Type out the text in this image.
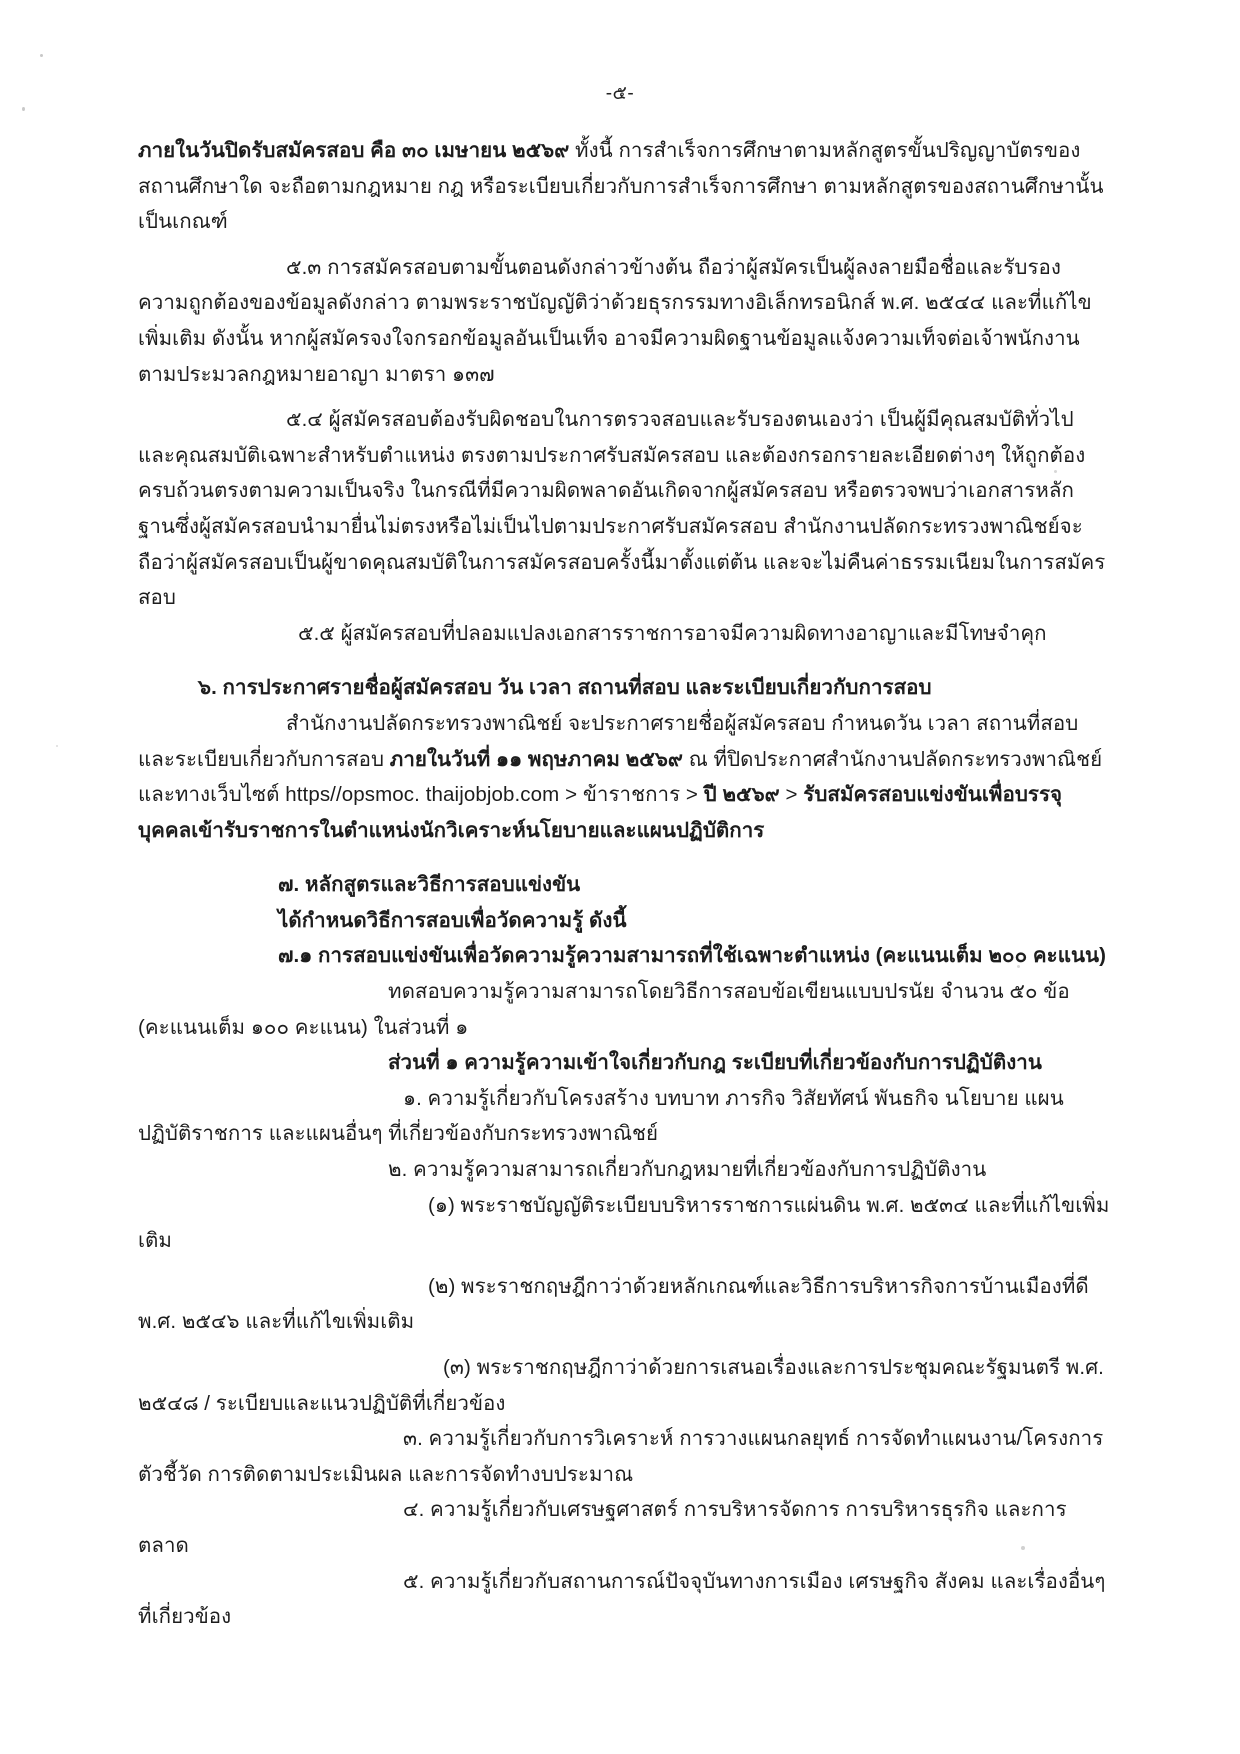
-๕-

ภายในวันปิดรับสมัครสอบ คือ ๓๐ เมษายน ๒๕๖๙ ทั้งนี้ การสำเร็จการศึกษาตามหลักสูตรขั้นปริญญาบัตรของสถานศึกษาใด จะถือตามกฎหมาย กฎ หรือระเบียบเกี่ยวกับการสำเร็จการศึกษา ตามหลักสูตรของสถานศึกษานั้นเป็นเกณฑ์

๕.๓ การสมัครสอบตามขั้นตอนดังกล่าวข้างต้น ถือว่าผู้สมัครเป็นผู้ลงลายมือชื่อและรับรองความถูกต้องของข้อมูลดังกล่าว ตามพระราชบัญญัติว่าด้วยธุรกรรมทางอิเล็กทรอนิกส์ พ.ศ. ๒๕๔๔ และที่แก้ไขเพิ่มเติม ดังนั้น หากผู้สมัครจงใจกรอกข้อมูลอันเป็นเท็จ อาจมีความผิดฐานข้อมูลแจ้งความเท็จต่อเจ้าพนักงานตามประมวลกฎหมายอาญา มาตรา ๑๓๗

๕.๔ ผู้สมัครสอบต้องรับผิดชอบในการตรวจสอบและรับรองตนเองว่า เป็นผู้มีคุณสมบัติทั่วไปและคุณสมบัติเฉพาะสำหรับตำแหน่ง ตรงตามประกาศรับสมัครสอบ และต้องกรอกรายละเอียดต่างๆ ให้ถูกต้องครบถ้วนตรงตามความเป็นจริง ในกรณีที่มีความผิดพลาดอันเกิดจากผู้สมัครสอบ หรือตรวจพบว่าเอกสารหลักฐานซึ่งผู้สมัครสอบนำมายื่นไม่ตรงหรือไม่เป็นไปตามประกาศรับสมัครสอบ สำนักงานปลัดกระทรวงพาณิชย์จะถือว่าผู้สมัครสอบเป็นผู้ขาดคุณสมบัติในการสมัครสอบครั้งนี้มาตั้งแต่ต้น และจะไม่คืนค่าธรรมเนียมในการสมัครสอบ

๕.๕ ผู้สมัครสอบที่ปลอมแปลงเอกสารราชการอาจมีความผิดทางอาญาและมีโทษจำคุก

๖. การประกาศรายชื่อผู้สมัครสอบ วัน เวลา สถานที่สอบ และระเบียบเกี่ยวกับการสอบ

สำนักงานปลัดกระทรวงพาณิชย์ จะประกาศรายชื่อผู้สมัครสอบ กำหนดวัน เวลา สถานที่สอบและระเบียบเกี่ยวกับการสอบ ภายในวันที่ ๑๑ พฤษภาคม ๒๕๖๙ ณ ที่ปิดประกาศสำนักงานปลัดกระทรวงพาณิชย์และทางเว็บไซต์ https//opsmoc. thaijobjob.com > ข้าราชการ > ปี ๒๕๖๙ > รับสมัครสอบแข่งขันเพื่อบรรจุบุคคลเข้ารับราชการในตำแหน่งนักวิเคราะห์นโยบายและแผนปฏิบัติการ

๗. หลักสูตรและวิธีการสอบแข่งขัน

ได้กำหนดวิธีการสอบเพื่อวัดความรู้ ดังนี้

๗.๑ การสอบแข่งขันเพื่อวัดความรู้ความสามารถที่ใช้เฉพาะตำแหน่ง (คะแนนเต็ม ๒๐๐ คะแนน)

ทดสอบความรู้ความสามารถโดยวิธีการสอบข้อเขียนแบบปรนัย จำนวน ๕๐ ข้อ (คะแนนเต็ม ๑๐๐ คะแนน) ในส่วนที่ ๑

ส่วนที่ ๑ ความรู้ความเข้าใจเกี่ยวกับกฎ ระเบียบที่เกี่ยวข้องกับการปฏิบัติงาน

๑. ความรู้เกี่ยวกับโครงสร้าง บทบาท ภารกิจ วิสัยทัศน์ พันธกิจ นโยบาย แผนปฏิบัติราชการ และแผนอื่นๆ ที่เกี่ยวข้องกับกระทรวงพาณิชย์

๒. ความรู้ความสามารถเกี่ยวกับกฎหมายที่เกี่ยวข้องกับการปฏิบัติงาน

(๑) พระราชบัญญัติระเบียบบริหารราชการแผ่นดิน พ.ศ. ๒๕๓๔ และที่แก้ไขเพิ่มเติม

(๒) พระราชกฤษฎีกาว่าด้วยหลักเกณฑ์และวิธีการบริหารกิจการบ้านเมืองที่ดี พ.ศ. ๒๕๔๖ และที่แก้ไขเพิ่มเติม

(๓) พระราชกฤษฎีกาว่าด้วยการเสนอเรื่องและการประชุมคณะรัฐมนตรี พ.ศ. ๒๕๔๘ / ระเบียบและแนวปฏิบัติที่เกี่ยวข้อง

๓. ความรู้เกี่ยวกับการวิเคราะห์ การวางแผนกลยุทธ์ การจัดทำแผนงาน/โครงการ ตัวชี้วัด การติดตามประเมินผล และการจัดทำงบประมาณ

๔. ความรู้เกี่ยวกับเศรษฐศาสตร์ การบริหารจัดการ การบริหารธุรกิจ และการตลาด

๕. ความรู้เกี่ยวกับสถานการณ์ปัจจุบันทางการเมือง เศรษฐกิจ สังคม และเรื่องอื่นๆ ที่เกี่ยวข้อง
